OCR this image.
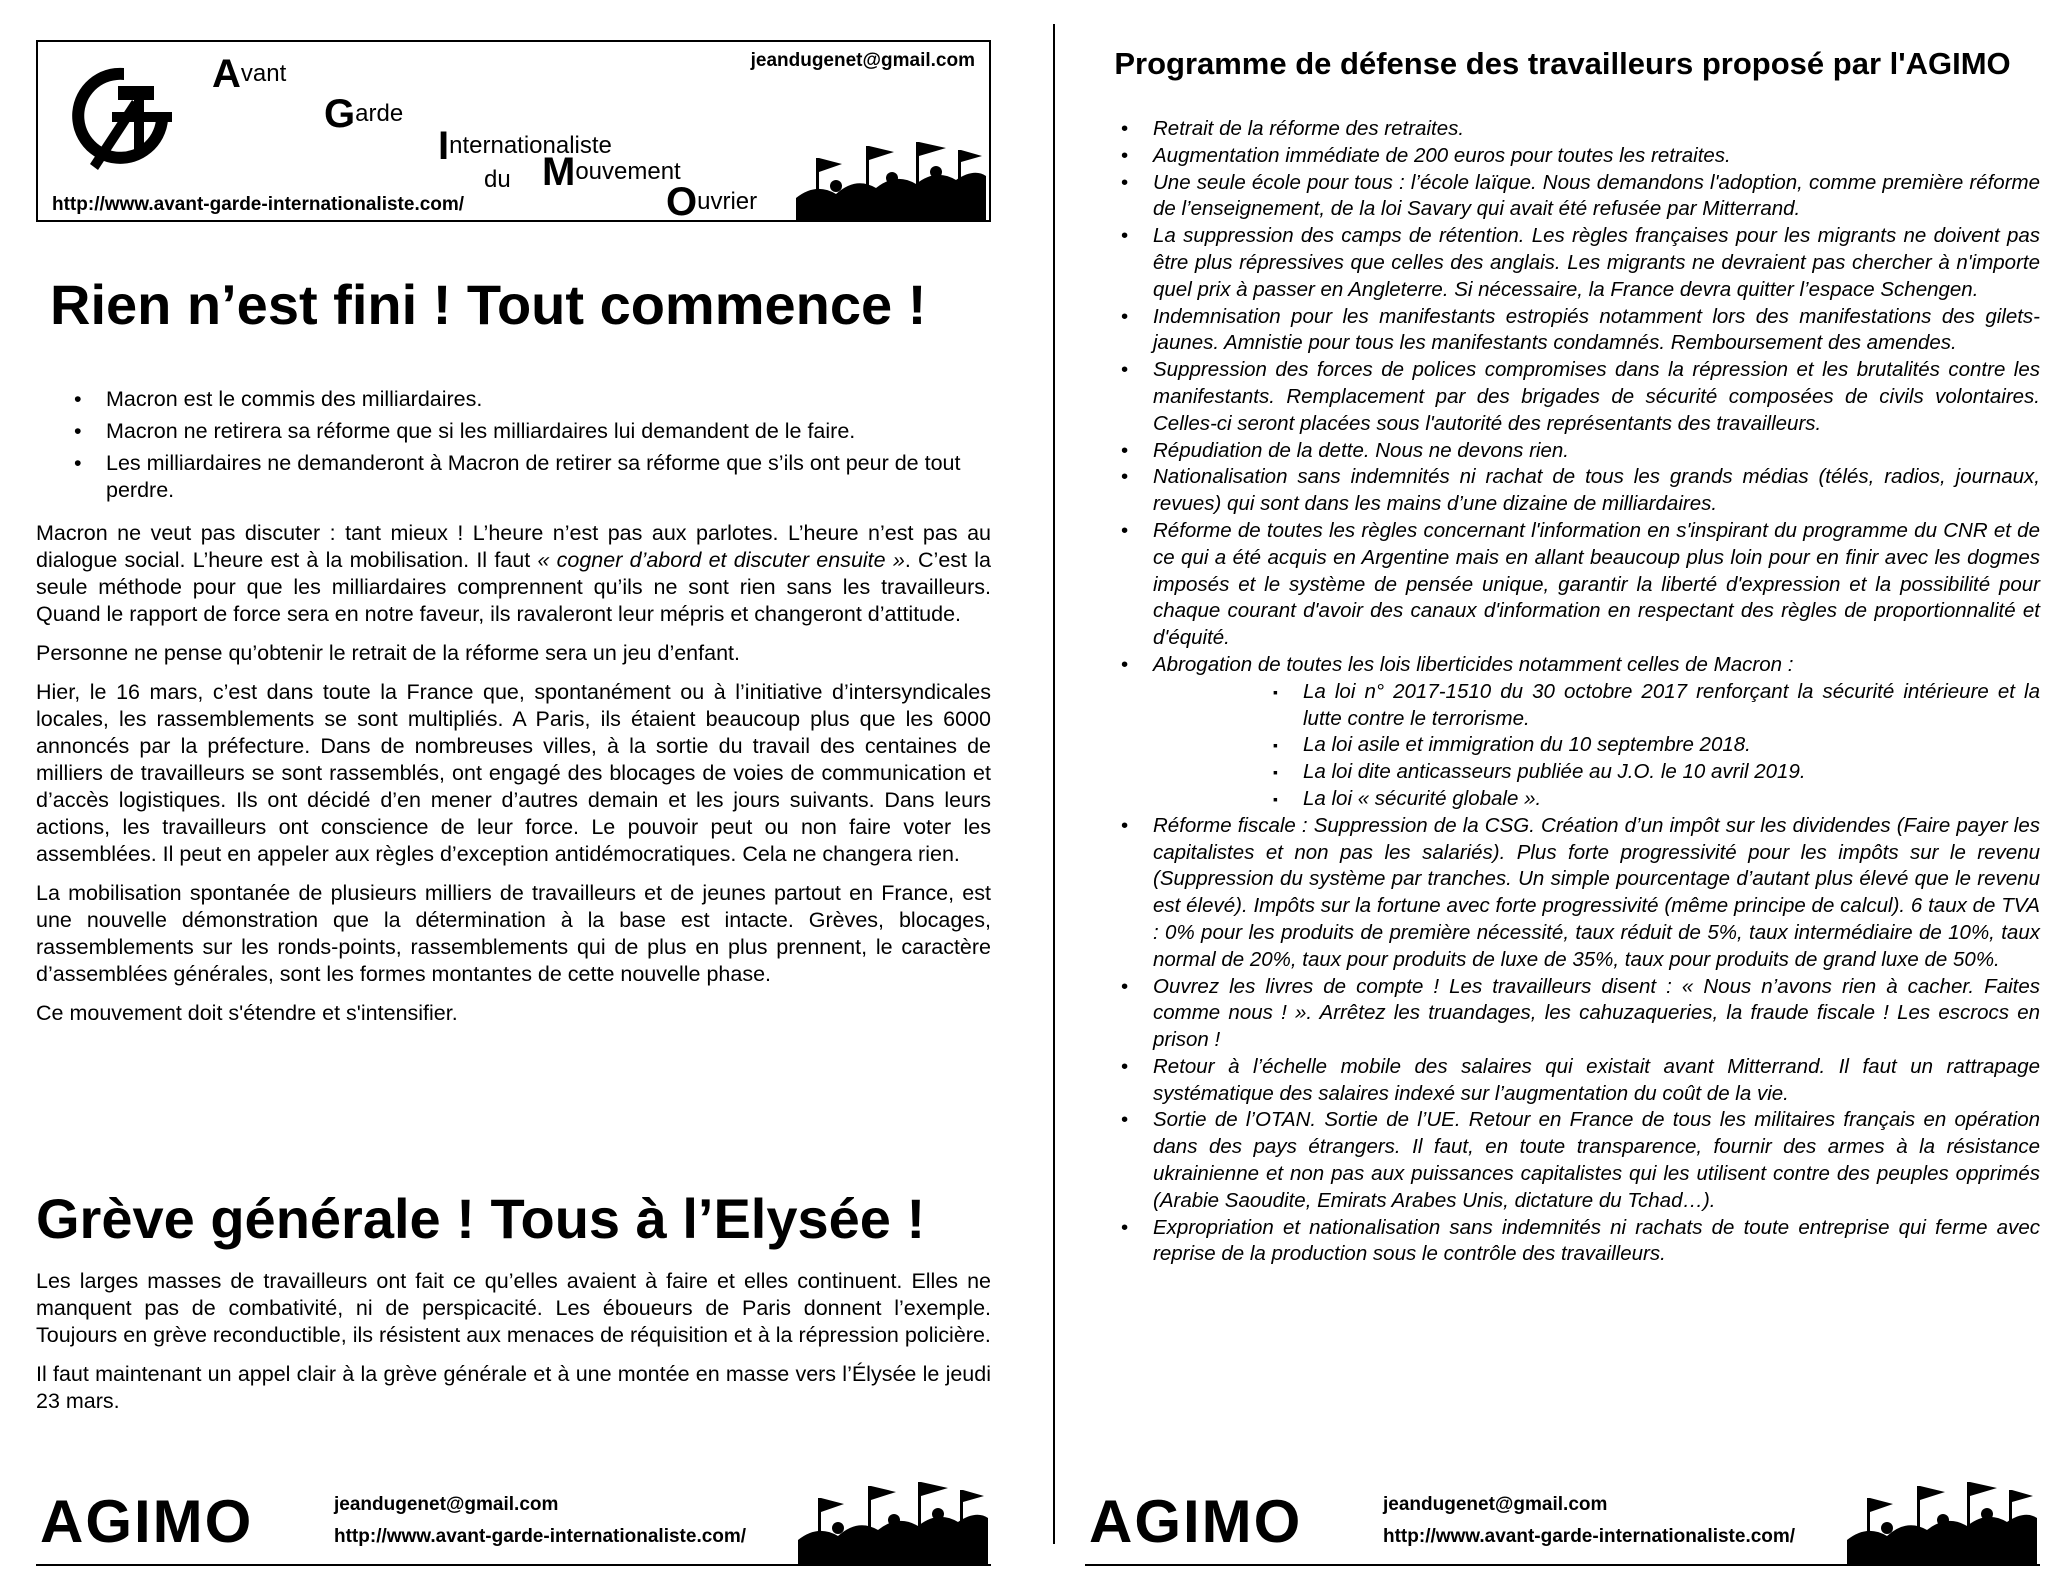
Avant
Garde
Internationaliste
du Mouvement
Ouvrier
jeandugenet@gmail.com
http://www.avant-garde-internationaliste.com/
Rien n’est fini ! Tout commence !
• Macron est le commis des milliardaires.
• Macron ne retirera sa réforme que si les milliardaires lui demandent de le faire.
• Les milliardaires ne demanderont à Macron de retirer sa réforme que s’ils ont peur de tout perdre.

Macron ne veut pas discuter : tant mieux ! L’heure n’est pas aux parlotes. L’heure n’est pas au dialogue social. L’heure est à la mobilisation. Il faut « cogner d’abord et discuter ensuite ». C’est la seule méthode pour que les milliardaires comprennent qu’ils ne sont rien sans les travailleurs. Quand le rapport de force sera en notre faveur, ils ravaleront leur mépris et changeront d’attitude.

Personne ne pense qu’obtenir le retrait de la réforme sera un jeu d’enfant.

Hier, le 16 mars, c’est dans toute la France que, spontanément ou à l’initiative d’intersyndicales locales, les rassemblements se sont multipliés. A Paris, ils étaient beaucoup plus que les 6000 annoncés par la préfecture. Dans de nombreuses villes, à la sortie du travail des centaines de milliers de travailleurs se sont rassemblés, ont engagé des blocages de voies de communication et d’accès logistiques. Ils ont décidé d’en mener d’autres demain et les jours suivants. Dans leurs actions, les travailleurs ont conscience de leur force. Le pouvoir peut ou non faire voter les assemblées. Il peut en appeler aux règles d’exception antidémocratiques. Cela ne changera rien.

La mobilisation spontanée de plusieurs milliers de travailleurs et de jeunes partout en France, est une nouvelle démonstration que la détermination à la base est intacte. Grèves, blocages, rassemblements sur les ronds-points, rassemblements qui de plus en plus prennent, le caractère d’assemblées générales, sont les formes montantes de cette nouvelle phase.

Ce mouvement doit s'étendre et s'intensifier.

Grève générale ! Tous à l’Elysée !

Les larges masses de travailleurs ont fait ce qu’elles avaient à faire et elles continuent. Elles ne manquent pas de combativité, ni de perspicacité. Les éboueurs de Paris donnent l’exemple. Toujours en grève reconductible, ils résistent aux menaces de réquisition et à la répression policière.

Il faut maintenant un appel clair à la grève générale et à une montée en masse vers l’Élysée le jeudi 23 mars.

AGIMO	jeandugenet@gmail.com
http://www.avant-garde-internationaliste.com/
Programme de défense des travailleurs proposé par l'AGIMO
• Retrait de la réforme des retraites.
• Augmentation immédiate de 200 euros pour toutes les retraites.
• Une seule école pour tous : l’école laïque. Nous demandons l'adoption, comme première réforme de l’enseignement, de la loi Savary qui avait été refusée par Mitterrand.
• La suppression des camps de rétention. Les règles françaises pour les migrants ne doivent pas être plus répressives que celles des anglais. Les migrants ne devraient pas chercher à n'importe quel prix à passer en Angleterre. Si nécessaire, la France devra quitter l’espace Schengen.
• Indemnisation pour les manifestants estropiés notamment lors des manifestations des gilets-jaunes. Amnistie pour tous les manifestants condamnés. Remboursement des amendes.
• Suppression des forces de polices compromises dans la répression et les brutalités contre les manifestants. Remplacement par des brigades de sécurité composées de civils volontaires. Celles-ci seront placées sous l'autorité des représentants des travailleurs.
• Répudiation de la dette. Nous ne devons rien.
• Nationalisation sans indemnités ni rachat de tous les grands médias (télés, radios, journaux, revues) qui sont dans les mains d’une dizaine de milliardaires.
• Réforme de toutes les règles concernant l'information en s'inspirant du programme du CNR et de ce qui a été acquis en Argentine mais en allant beaucoup plus loin pour en finir avec les dogmes imposés et le système de pensée unique, garantir la liberté d'expression et la possibilité pour chaque courant d'avoir des canaux d'information en respectant des règles de proportionnalité et d'équité.
• Abrogation de toutes les lois liberticides notamment celles de Macron :
▪ La loi n° 2017-1510 du 30 octobre 2017 renforçant la sécurité intérieure et la lutte contre le terrorisme.
▪ La loi asile et immigration du 10 septembre 2018.
▪ La loi dite anticasseurs publiée au J.O. le 10 avril 2019.
▪ La loi « sécurité globale ».
• Réforme fiscale : Suppression de la CSG. Création d’un impôt sur les dividendes (Faire payer les capitalistes et non pas les salariés). Plus forte progressivité pour les impôts sur le revenu (Suppression du système par tranches. Un simple pourcentage d’autant plus élevé que le revenu est élevé). Impôts sur la fortune avec forte progressivité (même principe de calcul). 6 taux de TVA : 0% pour les produits de première nécessité, taux réduit de 5%, taux intermédiaire de 10%, taux normal de 20%, taux pour produits de luxe de 35%, taux pour produits de grand luxe de 50%.
• Ouvrez les livres de compte ! Les travailleurs disent : « Nous n’avons rien à cacher. Faites comme nous ! ». Arrêtez les truandages, les cahuzaqueries, la fraude fiscale ! Les escrocs en prison !
• Retour à l’échelle mobile des salaires qui existait avant Mitterrand. Il faut un rattrapage systématique des salaires indexé sur l’augmentation du coût de la vie.
• Sortie de l’OTAN. Sortie de l’UE. Retour en France de tous les militaires français en opération dans des pays étrangers. Il faut, en toute transparence, fournir des armes à la résistance ukrainienne et non pas aux puissances capitalistes qui les utilisent contre des peuples opprimés (Arabie Saoudite, Emirats Arabes Unis, dictature du Tchad…).
• Expropriation et nationalisation sans indemnités ni rachats de toute entreprise qui ferme avec reprise de la production sous le contrôle des travailleurs.
AGIMO	jeandugenet@gmail.com
http://www.avant-garde-internationaliste.com/
